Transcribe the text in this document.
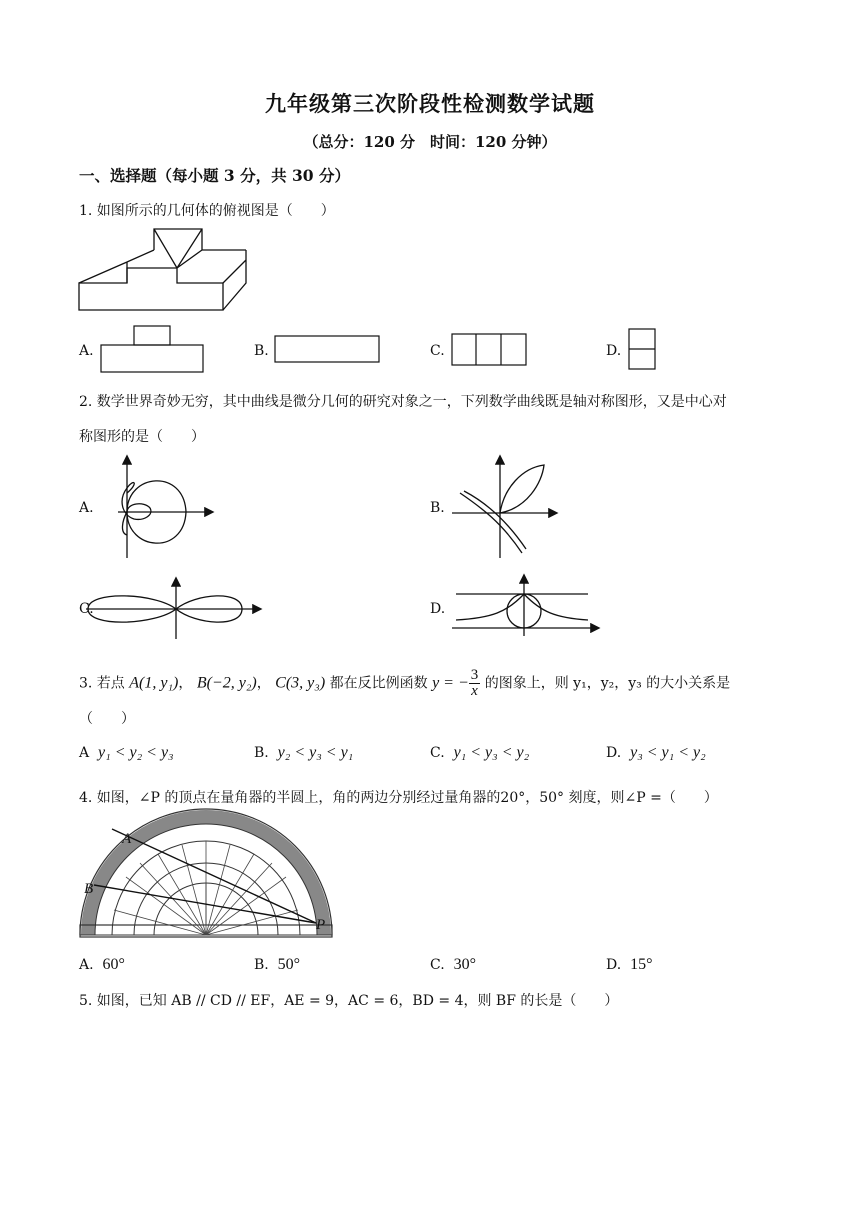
九年级第三次阶段性检测数学试题
（总分：120 分　时间：120 分钟）
一、选择题（每小题 3 分，共 30 分）
1. 如图所示的几何体的俯视图是（　　）
A.	B.	C.	D.
2. 数学世界奇妙无穷，其中曲线是微分几何的研究对象之一，下列数学曲线既是轴对称图形，又是中心对
称图形的是（　　）
A.	B.
C.	D.
3. 若点 A(1, y₁)， B(−2, y₂)， C(3, y₃) 都在反比例函数 y = − $\frac{3}{x}$ 的图象上，则 y₁，y₂，y₃ 的大小关系是
（　　）
A y₁ < y₂ < y₃	B. y₂ < y₃ < y₁	C. y₁ < y₃ < y₂	D. y₃ < y₁ < y₂
4. 如图，∠P 的顶点在量角器的半圆上，角的两边分别经过量角器的20°，50° 刻度，则∠P =（　　）
A
B
P
A. 60°	B. 50°	C. 30°	D. 15°
5. 如图，已知 AB // CD // EF，AE = 9，AC = 6，BD = 4，则 BF 的长是（　　）
